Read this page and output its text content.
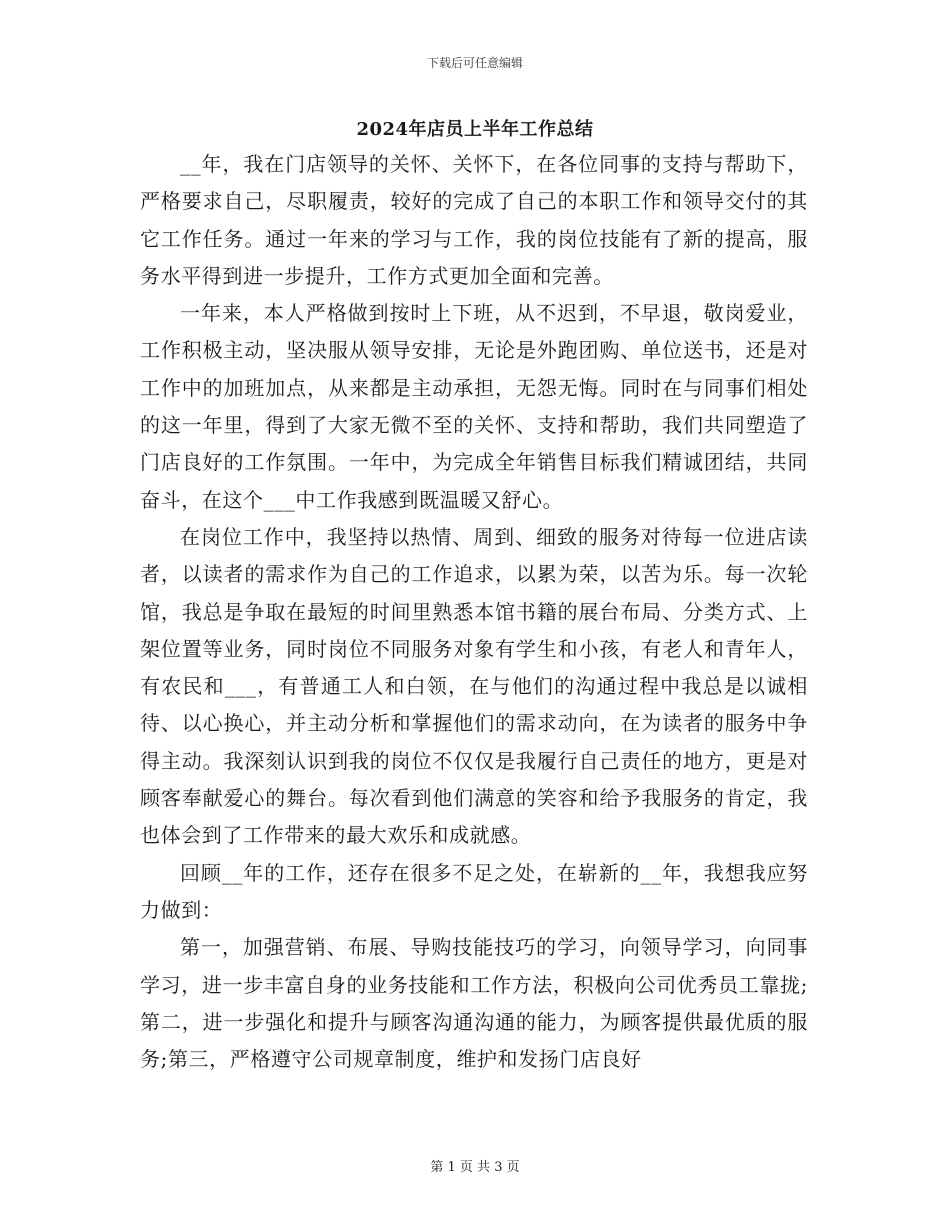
下载后可任意编辑
2024年店员上半年工作总结

__年，我在门店领导的关怀、关怀下，在各位同事的支持与帮助下，严格要求自己，尽职履责，较好的完成了自己的本职工作和领导交付的其它工作任务。通过一年来的学习与工作，我的岗位技能有了新的提高，服务水平得到进一步提升，工作方式更加全面和完善。

一年来，本人严格做到按时上下班，从不迟到，不早退，敬岗爱业，工作积极主动，坚决服从领导安排，无论是外跑团购、单位送书，还是对工作中的加班加点，从来都是主动承担，无怨无悔。同时在与同事们相处的这一年里，得到了大家无微不至的关怀、支持和帮助，我们共同塑造了门店良好的工作氛围。一年中，为完成全年销售目标我们精诚团结，共同奋斗，在这个___中工作我感到既温暖又舒心。

在岗位工作中，我坚持以热情、周到、细致的服务对待每一位进店读者，以读者的需求作为自己的工作追求，以累为荣，以苦为乐。每一次轮馆，我总是争取在最短的时间里熟悉本馆书籍的展台布局、分类方式、上架位置等业务，同时岗位不同服务对象有学生和小孩，有老人和青年人，有农民和___，有普通工人和白领，在与他们的沟通过程中我总是以诚相待、以心换心，并主动分析和掌握他们的需求动向，在为读者的服务中争得主动。我深刻认识到我的岗位不仅仅是我履行自己责任的地方，更是对顾客奉献爱心的舞台。每次看到他们满意的笑容和给予我服务的肯定，我也体会到了工作带来的最大欢乐和成就感。

回顾__年的工作，还存在很多不足之处，在崭新的__年，我想我应努力做到：

第一，加强营销、布展、导购技能技巧的学习，向领导学习，向同事学习，进一步丰富自身的业务技能和工作方法，积极向公司优秀员工靠拢;第二，进一步强化和提升与顾客沟通沟通的能力，为顾客提供最优质的服务;第三，严格遵守公司规章制度，维护和发扬门店良好

第 1 页 共 3 页
